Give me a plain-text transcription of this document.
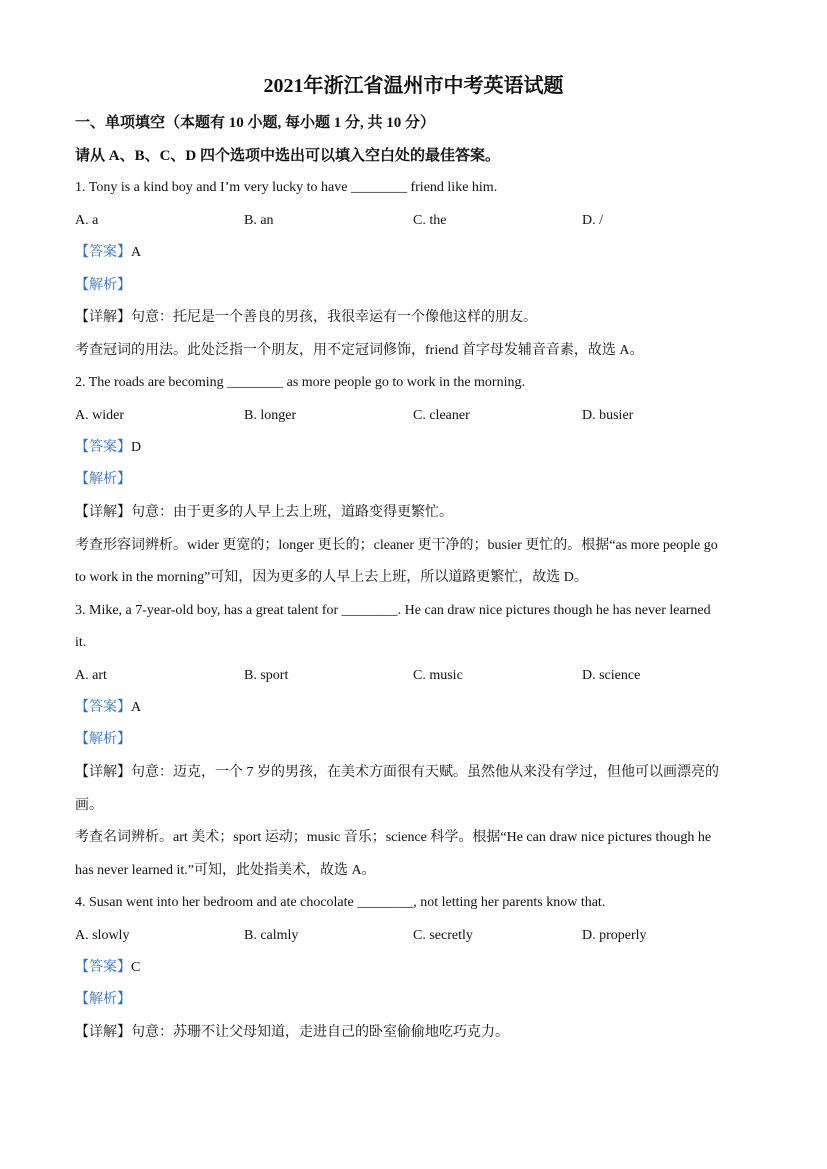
2021年浙江省温州市中考英语试题
一、单项填空（本题有 10 小题, 每小题 1 分, 共 10 分）
请从 A、B、C、D 四个选项中选出可以填入空白处的最佳答案。
1. Tony is a kind boy and I’m very lucky to have ________ friend like him.
A. a	B. an	C. the	D. /
【答案】A
【解析】
【详解】句意：托尼是一个善良的男孩，我很幸运有一个像他这样的朋友。
考查冠词的用法。此处泛指一个朋友，用不定冠词修饰，friend 首字母发辅音音素，故选 A。
2. The roads are becoming ________ as more people go to work in the morning.
A. wider	B. longer	C. cleaner	D. busier
【答案】D
【解析】
【详解】句意：由于更多的人早上去上班，道路变得更繁忙。
考查形容词辨析。wider 更宽的；longer 更长的；cleaner 更干净的；busier 更忙的。根据“as more people go
to work in the morning”可知，因为更多的人早上去上班，所以道路更繁忙，故选 D。
3. Mike, a 7-year-old boy, has a great talent for ________. He can draw nice pictures though he has never learned
it.
A. art	B. sport	C. music	D. science
【答案】A
【解析】
【详解】句意：迈克，一个 7 岁的男孩，在美术方面很有天赋。虽然他从来没有学过，但他可以画漂亮的
画。
考查名词辨析。art 美术；sport 运动；music 音乐；science 科学。根据“He can draw nice pictures though he
has never learned it.”可知，此处指美术，故选 A。
4. Susan went into her bedroom and ate chocolate ________, not letting her parents know that.
A. slowly	B. calmly	C. secretly	D. properly
【答案】C
【解析】
【详解】句意：苏珊不让父母知道，走进自己的卧室偷偷地吃巧克力。
